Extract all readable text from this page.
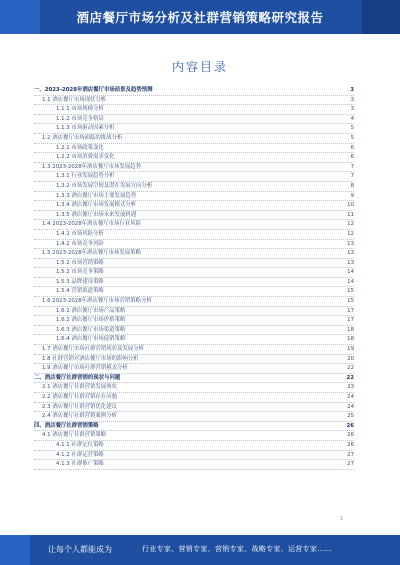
酒店餐厅市场分析及社群营销策略研究报告
内容目录
一、2023-2028年酒店餐厅市场前景及趋势预测	3
1.1 酒店餐厅市场现状分析	3
1.1.1 市场规模分析	3
1.1.2 市场竞争格局	4
1.1.3 市场驱动因素分析	5
1.2 酒店餐厅市场面临的挑战分析	5
1.2.1 市场政策变化	6
1.2.2 市场消费需求变化	6
1.3 2023-2028年酒店餐厅市场发展趋势	7
1.3.1 行业发展趋势分析	7
1.3.2 市场发展空间及潜在发展方向分析	8
1.3.3 酒店餐厅市场主要发展趋势	9
1.3.4 酒店餐厅市场发展模式分析	10
1.3.5 酒店餐厅市场未来发展机遇	11
1.4 2023-2028年酒店餐厅市场行业风险	12
1.4.1 市场风险分析	12
1.4.2 市场竞争风险	13
1.5 2023-2028年酒店餐厅市场发展策略	13
1.5.1 市场营销策略	13
1.5.2 市场竞争策略	14
1.5.3 品牌建设策略	14
1.5.4 营销渠道策略	15
1.6 2023-2028年酒店餐厅市场营销策略分析	15
1.6.1 酒店餐厅市场产品策略	17
1.6.2 酒店餐厅市场价格策略	17
1.6.3 酒店餐厅市场渠道策略	18
1.6.4 酒店餐厅市场促销策略	18
1.7 酒店餐厅市场社群营销现状及发展分析	19
1.8 社群营销对酒店餐厅市场的影响分析	20
1.9 酒店餐厅市场社群营销模式分析	22
二、酒店餐厅社群营销的现状与问题	22
2.1 酒店餐厅社群营销发展现状	23
2.2 酒店餐厅社群营销存在问题	24
2.3 酒店餐厅社群营销优化建议	24
2.4 酒店餐厅社群营销案例分析	25
四、酒店餐厅社群营销策略	26
4.1 酒店餐厅社群营销策略	26
4.1.1 社群定位策略	26
4.1.2 社群运营策略	27
4.1.3 社群推广策略	27
1
让每个人都能成为	行业专家、营销专家、营销专家、战略专家、运营专家……
